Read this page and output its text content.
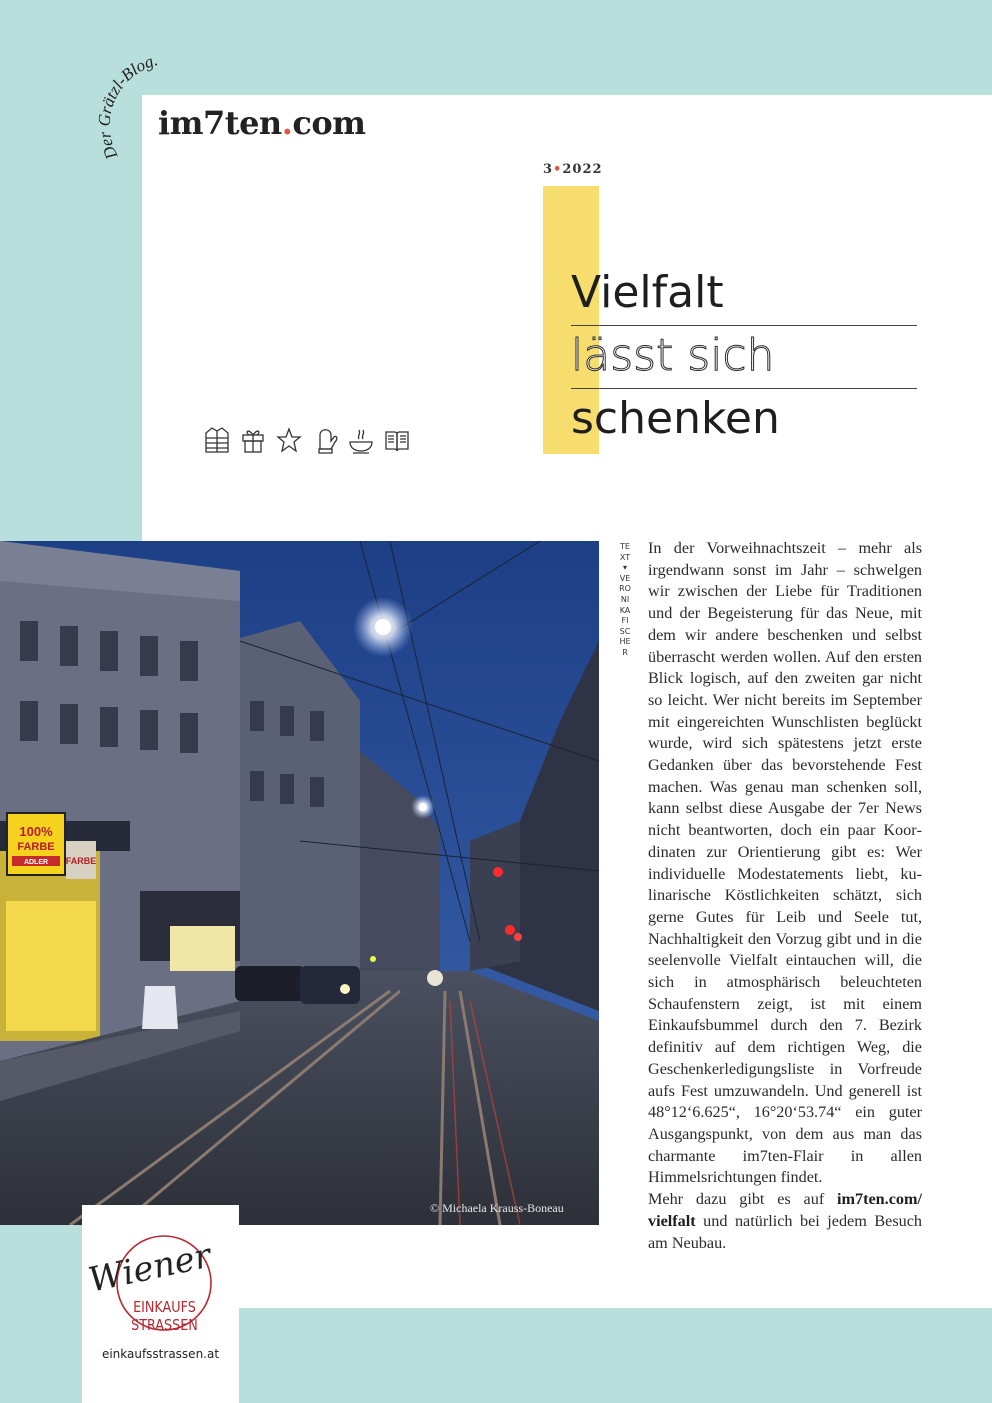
Der Grätzl-Blog.
im7ten.com
3•2022
Vielfalt
lässt sich
schenken
100%
FARBE
ADLER FARBE
© Michaela Krauss-Boneau
TEXT▾ VERONIKA FISCHER

In der Vorweihnachtszeit – mehr als irgendwann sonst im Jahr – schwelgen wir zwischen der Liebe für Traditionen und der Begeisterung für das Neue, mit dem wir andere beschenken und selbst überrascht werden wollen. Auf den ersten Blick logisch, auf den zweiten gar nicht so leicht. Wer nicht bereits im September mit eingereichten Wunschlisten beglückt wurde, wird sich spätestens jetzt erste Gedanken über das bevorstehende Fest machen. Was genau man schenken soll, kann selbst diese Ausgabe der 7er News nicht beantworten, doch ein paar Koordinaten zur Orientierung gibt es: Wer individuelle Modestatements liebt, kulinarische Köstlichkeiten schätzt, sich gerne Gutes für Leib und Seele tut, Nachhaltigkeit den Vorzug gibt und in die seelenvolle Vielfalt eintauchen will, die sich in atmosphärisch beleuchteten Schaufenstern zeigt, ist mit einem Einkaufsbummel durch den 7. Bezirk definitiv auf dem richtigen Weg, die Geschenkerledigungsliste in Vorfreude aufs Fest umzuwandeln. Und generell ist 48°12‘6.625“, 16°20‘53.74“ ein guter Ausgangspunkt, von dem aus man das charmante im7ten-Flair in allen Himmelsrichtungen findet.

Mehr dazu gibt es auf im7ten.com/ vielfalt und natürlich bei jedem Besuch am Neubau.

Wiener
EINKAUFS
STRASSEN
einkaufsstrassen.at
